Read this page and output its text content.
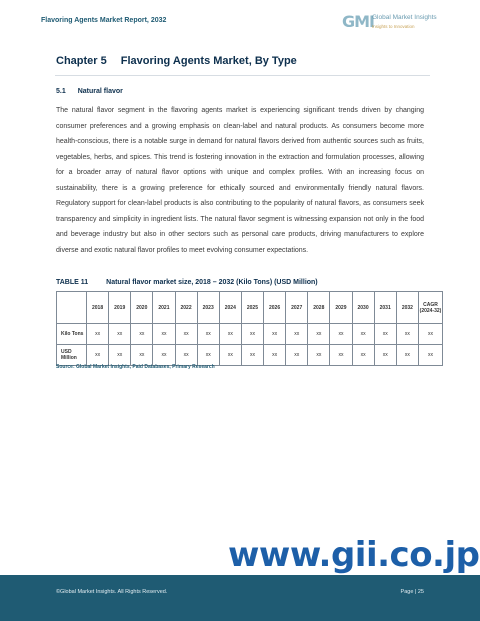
Flavoring Agents Market Report, 2032	GMI
Global Market Insights
Insights to Innovation
Chapter 5 Flavoring Agents Market, By Type
5.1 Natural flavor

The natural flavor segment in the flavoring agents market is experiencing significant trends driven by changing consumer preferences and a growing emphasis on clean-label and natural products. As consumers become more health-conscious, there is a notable surge in demand for natural flavors derived from authentic sources such as fruits, vegetables, herbs, and spices. This trend is fostering innovation in the extraction and formulation processes, allowing for a broader array of natural flavor options with unique and complex profiles. With an increasing focus on sustainability, there is a growing preference for ethically sourced and environmentally friendly natural flavors. Regulatory support for clean-label products is also contributing to the popularity of natural flavors, as consumers seek transparency and simplicity in ingredient lists. The natural flavor segment is witnessing expansion not only in the food and beverage industry but also in other sectors such as personal care products, driving manufacturers to explore diverse and exotic natural flavor profiles to meet evolving consumer expectations.

TABLE 11	Natural flavor market size, 2018 – 2032 (Kilo Tons) (USD Million)
	2018	2019	2020	2021	2022	2023	2024	2025	2026	2027	2028	2029	2030	2031	2032	CAGR (2024-32)
Kilo Tons	xx	xx	xx	xx	xx	xx	xx	xx	xx	xx	xx	xx	xx	xx	xx	xx
USD Million	xx	xx	xx	xx	xx	xx	xx	xx	xx	xx	xx	xx	xx	xx	xx	xx
Source: Global Market Insights, Paid Databases, Primary Research
www.gii.co.jp
©Global Market Insights. All Rights Reserved.	Page | 25
